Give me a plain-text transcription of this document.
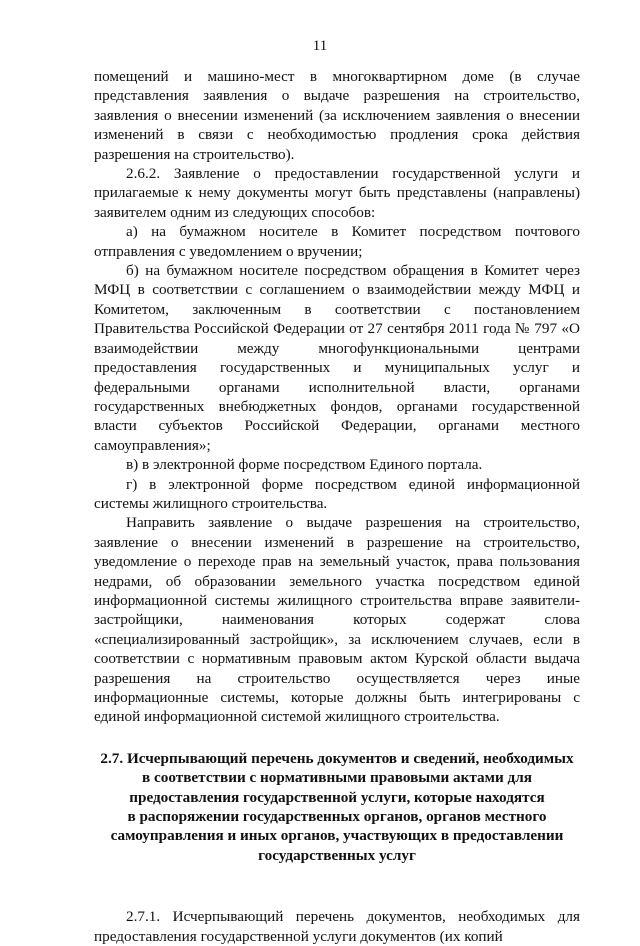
11

помещений и машино-мест в многоквартирном доме (в случае представления заявления о выдаче разрешения на строительство, заявления о внесении изменений (за исключением заявления о внесении изменений в связи с необходимостью продления срока действия разрешения на строительство).

2.6.2. Заявление о предоставлении государственной услуги и прилагаемые к нему документы могут быть представлены (направлены) заявителем одним из следующих способов:

а) на бумажном носителе в Комитет посредством почтового отправления с уведомлением о вручении;

б) на бумажном носителе посредством обращения в Комитет через МФЦ в соответствии с соглашением о взаимодействии между МФЦ и Комитетом, заключенным в соответствии с постановлением Правительства Российской Федерации от 27 сентября 2011 года № 797 «О взаимодействии между многофункциональными центрами предоставления государственных и муниципальных услуг и федеральными органами исполнительной власти, органами государственных внебюджетных фондов, органами государственной власти субъектов Российской Федерации, органами местного самоуправления»;

в) в электронной форме посредством Единого портала.

г) в электронной форме посредством единой информационной системы жилищного строительства.

Направить заявление о выдаче разрешения на строительство, заявление о внесении изменений в разрешение на строительство, уведомление о переходе прав на земельный участок, права пользования недрами, об образовании земельного участка посредством единой информационной системы жилищного строительства вправе заявители-застройщики, наименования которых содержат слова «специализированный застройщик», за исключением случаев, если в соответствии с нормативным правовым актом Курской области выдача разрешения на строительство осуществляется через иные информационные системы, которые должны быть интегрированы с единой информационной системой жилищного строительства.

2.7. Исчерпывающий перечень документов и сведений, необходимых
в соответствии с нормативными правовыми актами для
предоставления государственной услуги, которые находятся
в распоряжении государственных органов, органов местного
самоуправления и иных органов, участвующих в предоставлении
государственных услуг

2.7.1. Исчерпывающий перечень документов, необходимых для предоставления государственной услуги документов (их копий
